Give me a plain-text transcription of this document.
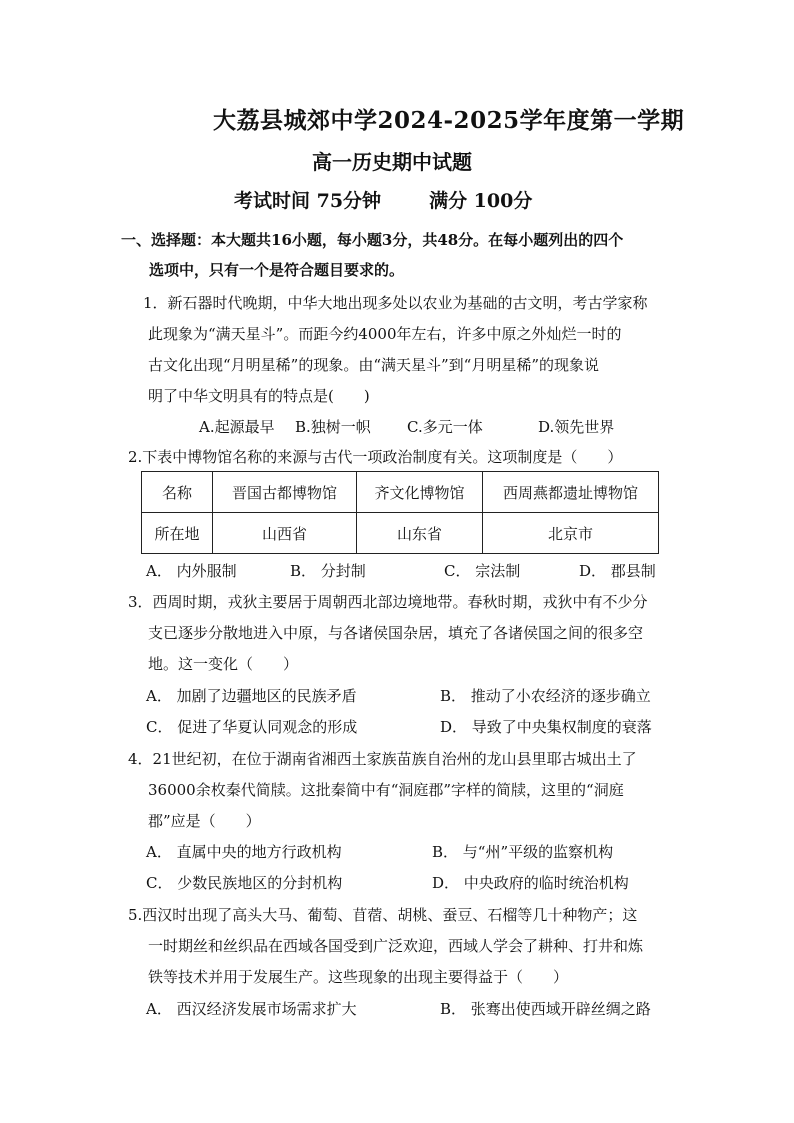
大荔县城郊中学2024-2025学年度第一学期
高一历史期中试题
考试时间 75分钟	满分 100分
一、选择题：本大题共16小题，每小题3分，共48分。在每小题列出的四个
选项中，只有一个是符合题目要求的。
1．新石器时代晚期，中华大地出现多处以农业为基础的古文明，考古学家称
此现象为“满天星斗”。而距今约4000年左右，许多中原之外灿烂一时的
古文化出现“月明星稀”的现象。由“满天星斗”到“月明星稀”的现象说
明了中华文明具有的特点是(　　)
A.起源最早 B.独树一帜 C.多元一体	D.领先世界
2.下表中博物馆名称的来源与古代一项政治制度有关。这项制度是（　　）
名称	晋国古都博物馆	齐文化博物馆	西周燕都遗址博物馆
所在地	山西省	山东省	北京市
A． 内外服制	B． 分封制	C． 宗法制	D． 郡县制
3．西周时期，戎狄主要居于周朝西北部边境地带。春秋时期，戎狄中有不少分
支已逐步分散地进入中原，与各诸侯国杂居，填充了各诸侯国之间的很多空
地。这一变化（　　）
A． 加剧了边疆地区的民族矛盾	B． 推动了小农经济的逐步确立
C． 促进了华夏认同观念的形成	D． 导致了中央集权制度的衰落
4．21世纪初，在位于湖南省湘西土家族苗族自治州的龙山县里耶古城出土了
36000余枚秦代简牍。这批秦简中有“洞庭郡”字样的简牍，这里的“洞庭
郡”应是（　　）
A． 直属中央的地方行政机构	B． 与“州”平级的监察机构
C． 少数民族地区的分封机构	D． 中央政府的临时统治机构
5.西汉时出现了高头大马、葡萄、苜蓿、胡桃、蚕豆、石榴等几十种物产；这
一时期丝和丝织品在西域各国受到广泛欢迎，西域人学会了耕种、打井和炼
铁等技术并用于发展生产。这些现象的出现主要得益于（　　）
A． 西汉经济发展市场需求扩大	B． 张骞出使西域开辟丝绸之路
